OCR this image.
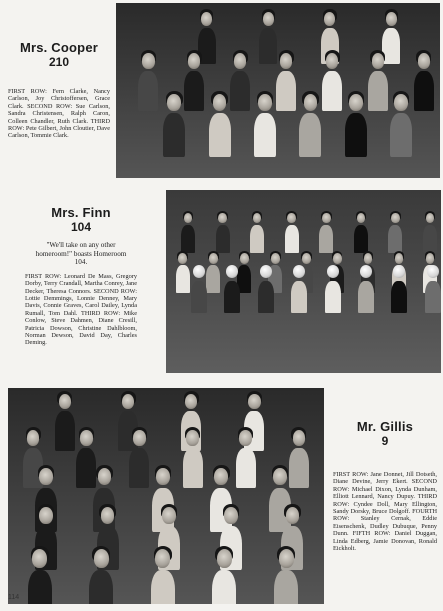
Mrs. Cooper
210
FIRST ROW: Fern Clarke, Nancy Carlson, Joy Christoffersen, Grace Clark. SECOND ROW: Sue Carlson, Sandra Christensen, Ralph Caron, Colleen Chandler, Ruth Clark. THIRD ROW: Pete Gilbert, John Cloutier, Dave Carlson, Tommie Clark.
Mrs. Finn
104
"We'll take on any other homeroom!" boasts Homeroom 104.
FIRST ROW: Leonard De Mass, Gregory Dorby, Terry Crandall, Martha Conrey, Jane Decker, Theresa Connors. SECOND ROW: Lottie Demmings, Lonnie Denney, Mary Davis, Connie Graves, Carol Dailey, Lynda Rumall, Tom Dahl. THIRD ROW: Mike Conlow, Steve Dahmen, Diane Cresill, Patricia Dowson, Christine Dahlbloom, Norman Dewson, David Day, Charles Deming.
Mr. Gillis
9
FIRST ROW: Jane Donnet, Jill Dotseth, Diane Devine, Jerry Ekert. SECOND ROW: Michael Dixon, Lynda Dunham, Elliott Lennard, Nancy Dupuy. THIRD ROW: Cyndee Doll, Mary Ellington, Sandy Dorsky, Bruce Dolgoff. FOURTH ROW: Stanley Cernak, Eddie Eisenschenk, Dudley Dubuque, Penny Dunn. FIFTH ROW: Daniel Duggan, Linda Edberg, Jamie Donovan, Ronald Eickholt.
114
